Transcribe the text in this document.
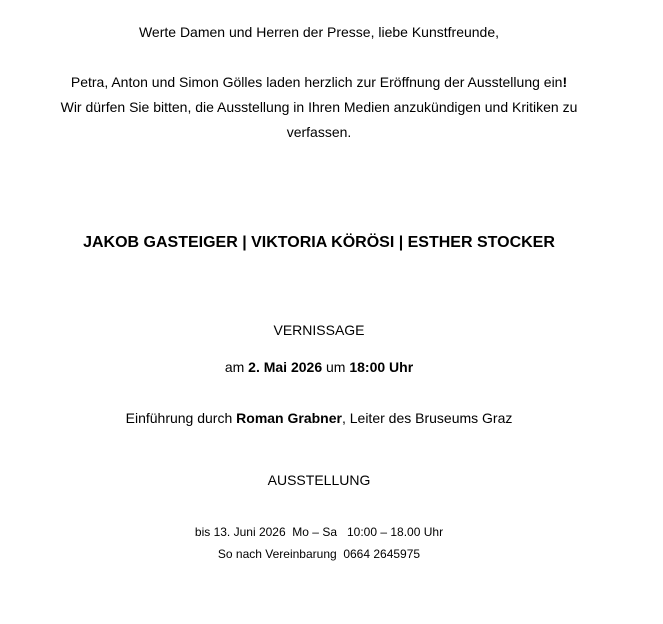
Werte Damen und Herren der Presse, liebe Kunstfreunde,
Petra, Anton und Simon Gölles laden herzlich zur Eröffnung der Ausstellung ein!
Wir dürfen Sie bitten, die Ausstellung in Ihren Medien anzukündigen und Kritiken zu
verfassen.
JAKOB GASTEIGER | VIKTORIA KÖRÖSI | ESTHER STOCKER
VERNISSAGE
am 2. Mai 2026 um 18:00 Uhr
Einführung durch Roman Grabner, Leiter des Bruseums Graz
AUSSTELLUNG
bis 13. Juni 2026  Mo – Sa   10:00 – 18.00 Uhr
So nach Vereinbarung  0664 2645975
